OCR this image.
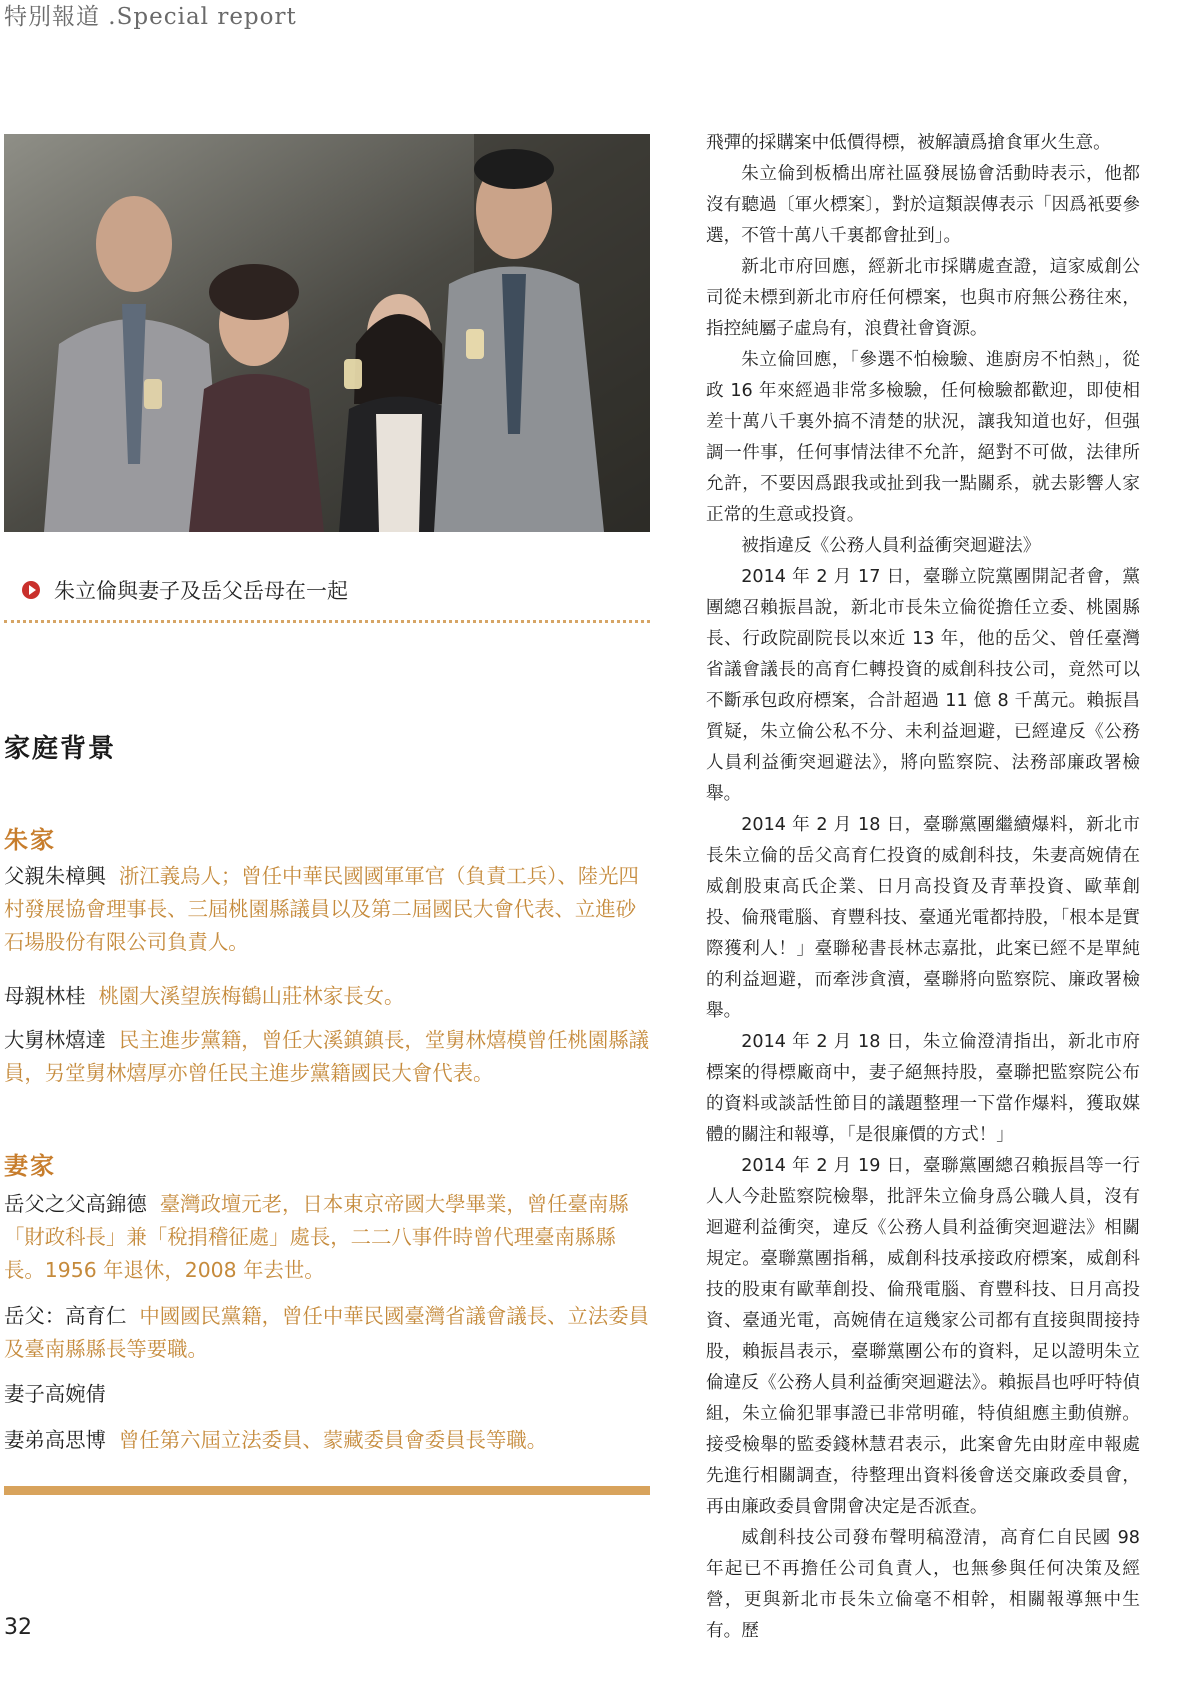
特別報道 .Special report
朱立倫與妻子及岳父岳母在一起
家庭背景
朱家

父親朱樟興 浙江義烏人；曾任中華民國國軍軍官（負責工兵）、陸光四村發展協會理事長、三屆桃園縣議員以及第二屆國民大會代表、立進砂石場股份有限公司負責人。

母親林桂 桃園大溪望族梅鶴山莊林家長女。

大舅林熺達 民主進步黨籍，曾任大溪鎮鎮長，堂舅林熺模曾任桃園縣議員，另堂舅林熺厚亦曾任民主進步黨籍國民大會代表。

妻家

岳父之父高錦德 臺灣政壇元老，日本東京帝國大學畢業，曾任臺南縣「財政科長」兼「稅捐稽征處」處長，二二八事件時曾代理臺南縣縣長。1956 年退休，2008 年去世。

岳父：高育仁 中國國民黨籍，曾任中華民國臺灣省議會議長、立法委員及臺南縣縣長等要職。

妻子高婉倩

妻弟高思博 曾任第六屆立法委員、蒙藏委員會委員長等職。

飛彈的採購案中低價得標，被解讀爲搶食軍火生意。

朱立倫到板橋出席社區發展協會活動時表示，他都沒有聽過〔軍火標案〕，對於這類誤傳表示「因爲衹要參選，不管十萬八千裏都會扯到」。

新北市府回應，經新北市採購處查證，這家威創公司從未標到新北市府任何標案，也與市府無公務往來，指控純屬子虛烏有，浪費社會資源。

朱立倫回應，「參選不怕檢驗、進廚房不怕熱」，從政 16 年來經過非常多檢驗，任何檢驗都歡迎，即使相差十萬八千裏外搞不清楚的狀況，讓我知道也好，但强調一件事，任何事情法律不允許，絕對不可做，法律所允許，不要因爲跟我或扯到我一點關系，就去影響人家正常的生意或投資。

被指違反《公務人員利益衝突迴避法》

2014 年 2 月 17 日，臺聯立院黨團開記者會，黨團總召賴振昌說，新北市長朱立倫從擔任立委、桃園縣長、行政院副院長以來近 13 年，他的岳父、曾任臺灣省議會議長的高育仁轉投資的威創科技公司，竟然可以不斷承包政府標案，合計超過 11 億 8 千萬元。賴振昌質疑，朱立倫公私不分、未利益迴避，已經違反《公務人員利益衝突迴避法》，將向監察院、法務部廉政署檢舉。

2014 年 2 月 18 日，臺聯黨團繼續爆料，新北市長朱立倫的岳父高育仁投資的威創科技，朱妻高婉倩在威創股東高氏企業、日月高投資及青華投資、歐華創投、倫飛電腦、育豐科技、臺通光電都持股，「根本是實際獲利人！」臺聯秘書長林志嘉批，此案已經不是單純的利益迴避，而牽涉貪瀆，臺聯將向監察院、廉政署檢舉。

2014 年 2 月 18 日，朱立倫澄清指出，新北市府標案的得標廠商中，妻子絕無持股，臺聯把監察院公布的資料或談話性節目的議題整理一下當作爆料，獲取媒體的關注和報導，「是很廉價的方式！」

2014 年 2 月 19 日，臺聯黨團總召賴振昌等一行人人今赴監察院檢舉，批評朱立倫身爲公職人員，沒有迴避利益衝突，違反《公務人員利益衝突迴避法》相關規定。臺聯黨團指稱，威創科技承接政府標案，威創科技的股東有歐華創投、倫飛電腦、育豐科技、日月高投資、臺通光電，高婉倩在這幾家公司都有直接與間接持股，賴振昌表示，臺聯黨團公布的資料，足以證明朱立倫違反《公務人員利益衝突迴避法》。賴振昌也呼吁特偵組，朱立倫犯罪事證已非常明確，特偵組應主動偵辦。接受檢舉的監委錢林慧君表示，此案會先由財産申報處先進行相關調查，待整理出資料後會送交廉政委員會，再由廉政委員會開會决定是否派查。

威創科技公司發布聲明稿澄清，高育仁自民國 98 年起已不再擔任公司負責人，也無參與任何决策及經營，更與新北市長朱立倫毫不相幹，相關報導無中生有。歷

32
